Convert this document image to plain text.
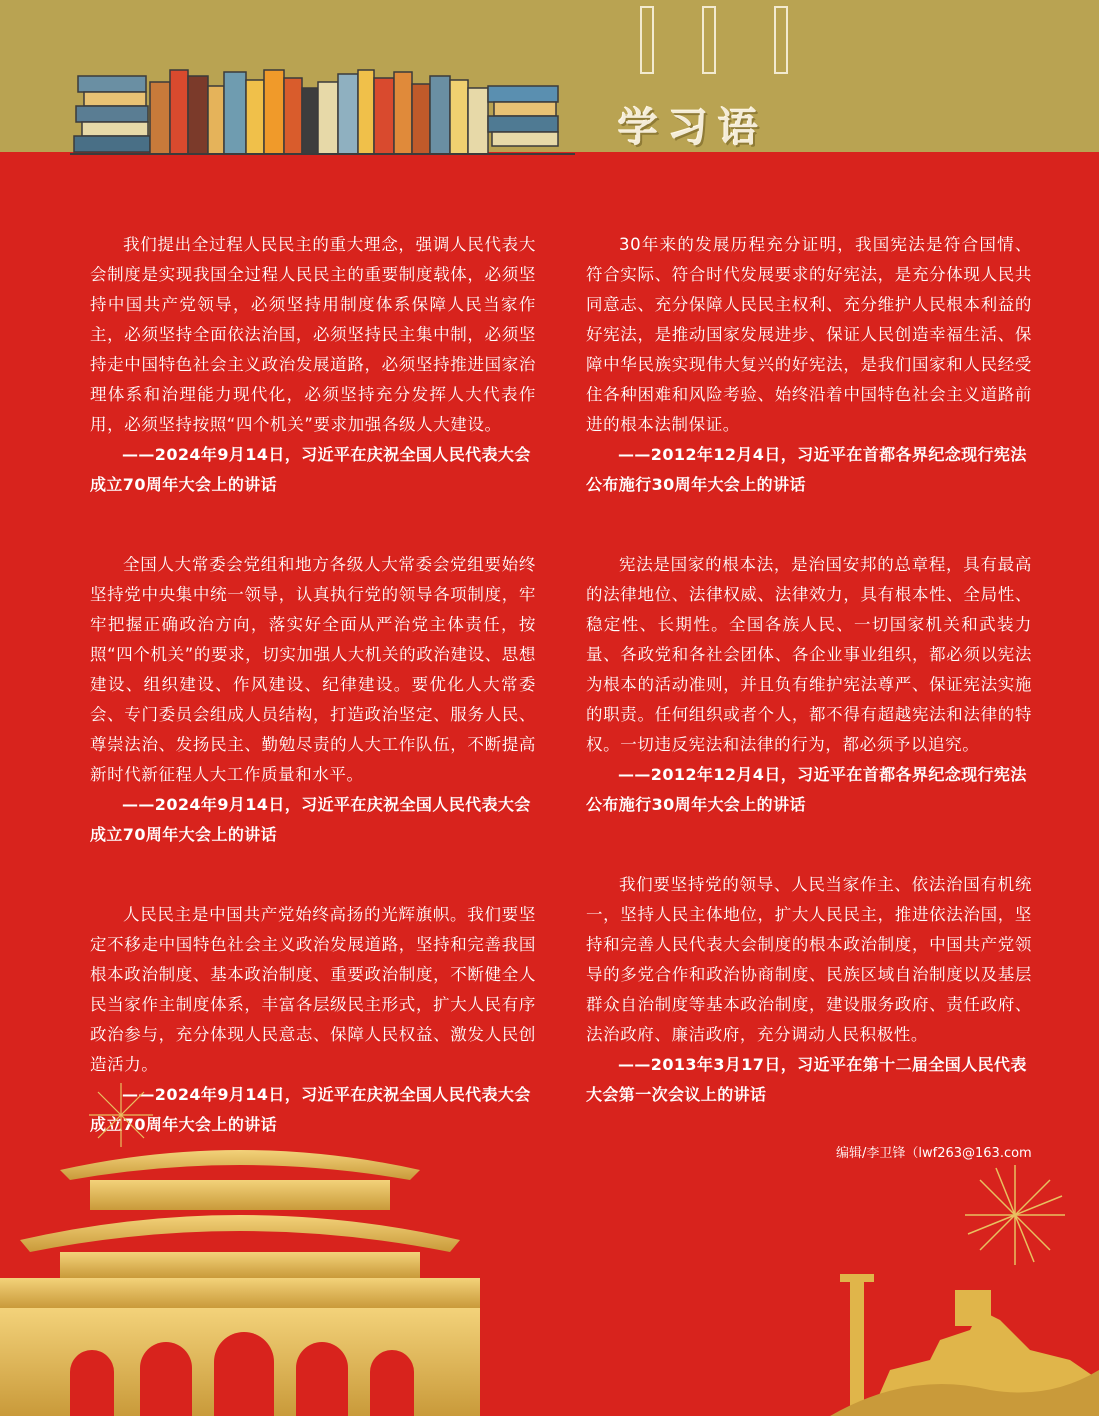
学习语

我们提出全过程人民民主的重大理念，强调人民代表大会制度是实现我国全过程人民民主的重要制度载体，必须坚持中国共产党领导，必须坚持用制度体系保障人民当家作主，必须坚持全面依法治国，必须坚持民主集中制，必须坚持走中国特色社会主义政治发展道路，必须坚持推进国家治理体系和治理能力现代化，必须坚持充分发挥人大代表作用，必须坚持按照“四个机关”要求加强各级人大建设。

——2024年9月14日，习近平在庆祝全国人民代表大会成立70周年大会上的讲话

全国人大常委会党组和地方各级人大常委会党组要始终坚持党中央集中统一领导，认真执行党的领导各项制度，牢牢把握正确政治方向，落实好全面从严治党主体责任，按照“四个机关”的要求，切实加强人大机关的政治建设、思想建设、组织建设、作风建设、纪律建设。要优化人大常委会、专门委员会组成人员结构，打造政治坚定、服务人民、尊崇法治、发扬民主、勤勉尽责的人大工作队伍，不断提高新时代新征程人大工作质量和水平。

——2024年9月14日，习近平在庆祝全国人民代表大会成立70周年大会上的讲话

人民民主是中国共产党始终高扬的光辉旗帜。我们要坚定不移走中国特色社会主义政治发展道路，坚持和完善我国根本政治制度、基本政治制度、重要政治制度，不断健全人民当家作主制度体系，丰富各层级民主形式，扩大人民有序政治参与，充分体现人民意志、保障人民权益、激发人民创造活力。

——2024年9月14日，习近平在庆祝全国人民代表大会成立70周年大会上的讲话

30年来的发展历程充分证明，我国宪法是符合国情、符合实际、符合时代发展要求的好宪法，是充分体现人民共同意志、充分保障人民民主权利、充分维护人民根本利益的好宪法，是推动国家发展进步、保证人民创造幸福生活、保障中华民族实现伟大复兴的好宪法，是我们国家和人民经受住各种困难和风险考验、始终沿着中国特色社会主义道路前进的根本法制保证。

——2012年12月4日，习近平在首都各界纪念现行宪法公布施行30周年大会上的讲话

宪法是国家的根本法，是治国安邦的总章程，具有最高的法律地位、法律权威、法律效力，具有根本性、全局性、稳定性、长期性。全国各族人民、一切国家机关和武装力量、各政党和各社会团体、各企业事业组织，都必须以宪法为根本的活动准则，并且负有维护宪法尊严、保证宪法实施的职责。任何组织或者个人，都不得有超越宪法和法律的特权。一切违反宪法和法律的行为，都必须予以追究。

——2012年12月4日，习近平在首都各界纪念现行宪法公布施行30周年大会上的讲话

我们要坚持党的领导、人民当家作主、依法治国有机统一，坚持人民主体地位，扩大人民民主，推进依法治国，坚持和完善人民代表大会制度的根本政治制度，中国共产党领导的多党合作和政治协商制度、民族区域自治制度以及基层群众自治制度等基本政治制度，建设服务政府、责任政府、法治政府、廉洁政府，充分调动人民积极性。

——2013年3月17日，习近平在第十二届全国人民代表大会第一次会议上的讲话

编辑/李卫锋（lwf263@163.com
